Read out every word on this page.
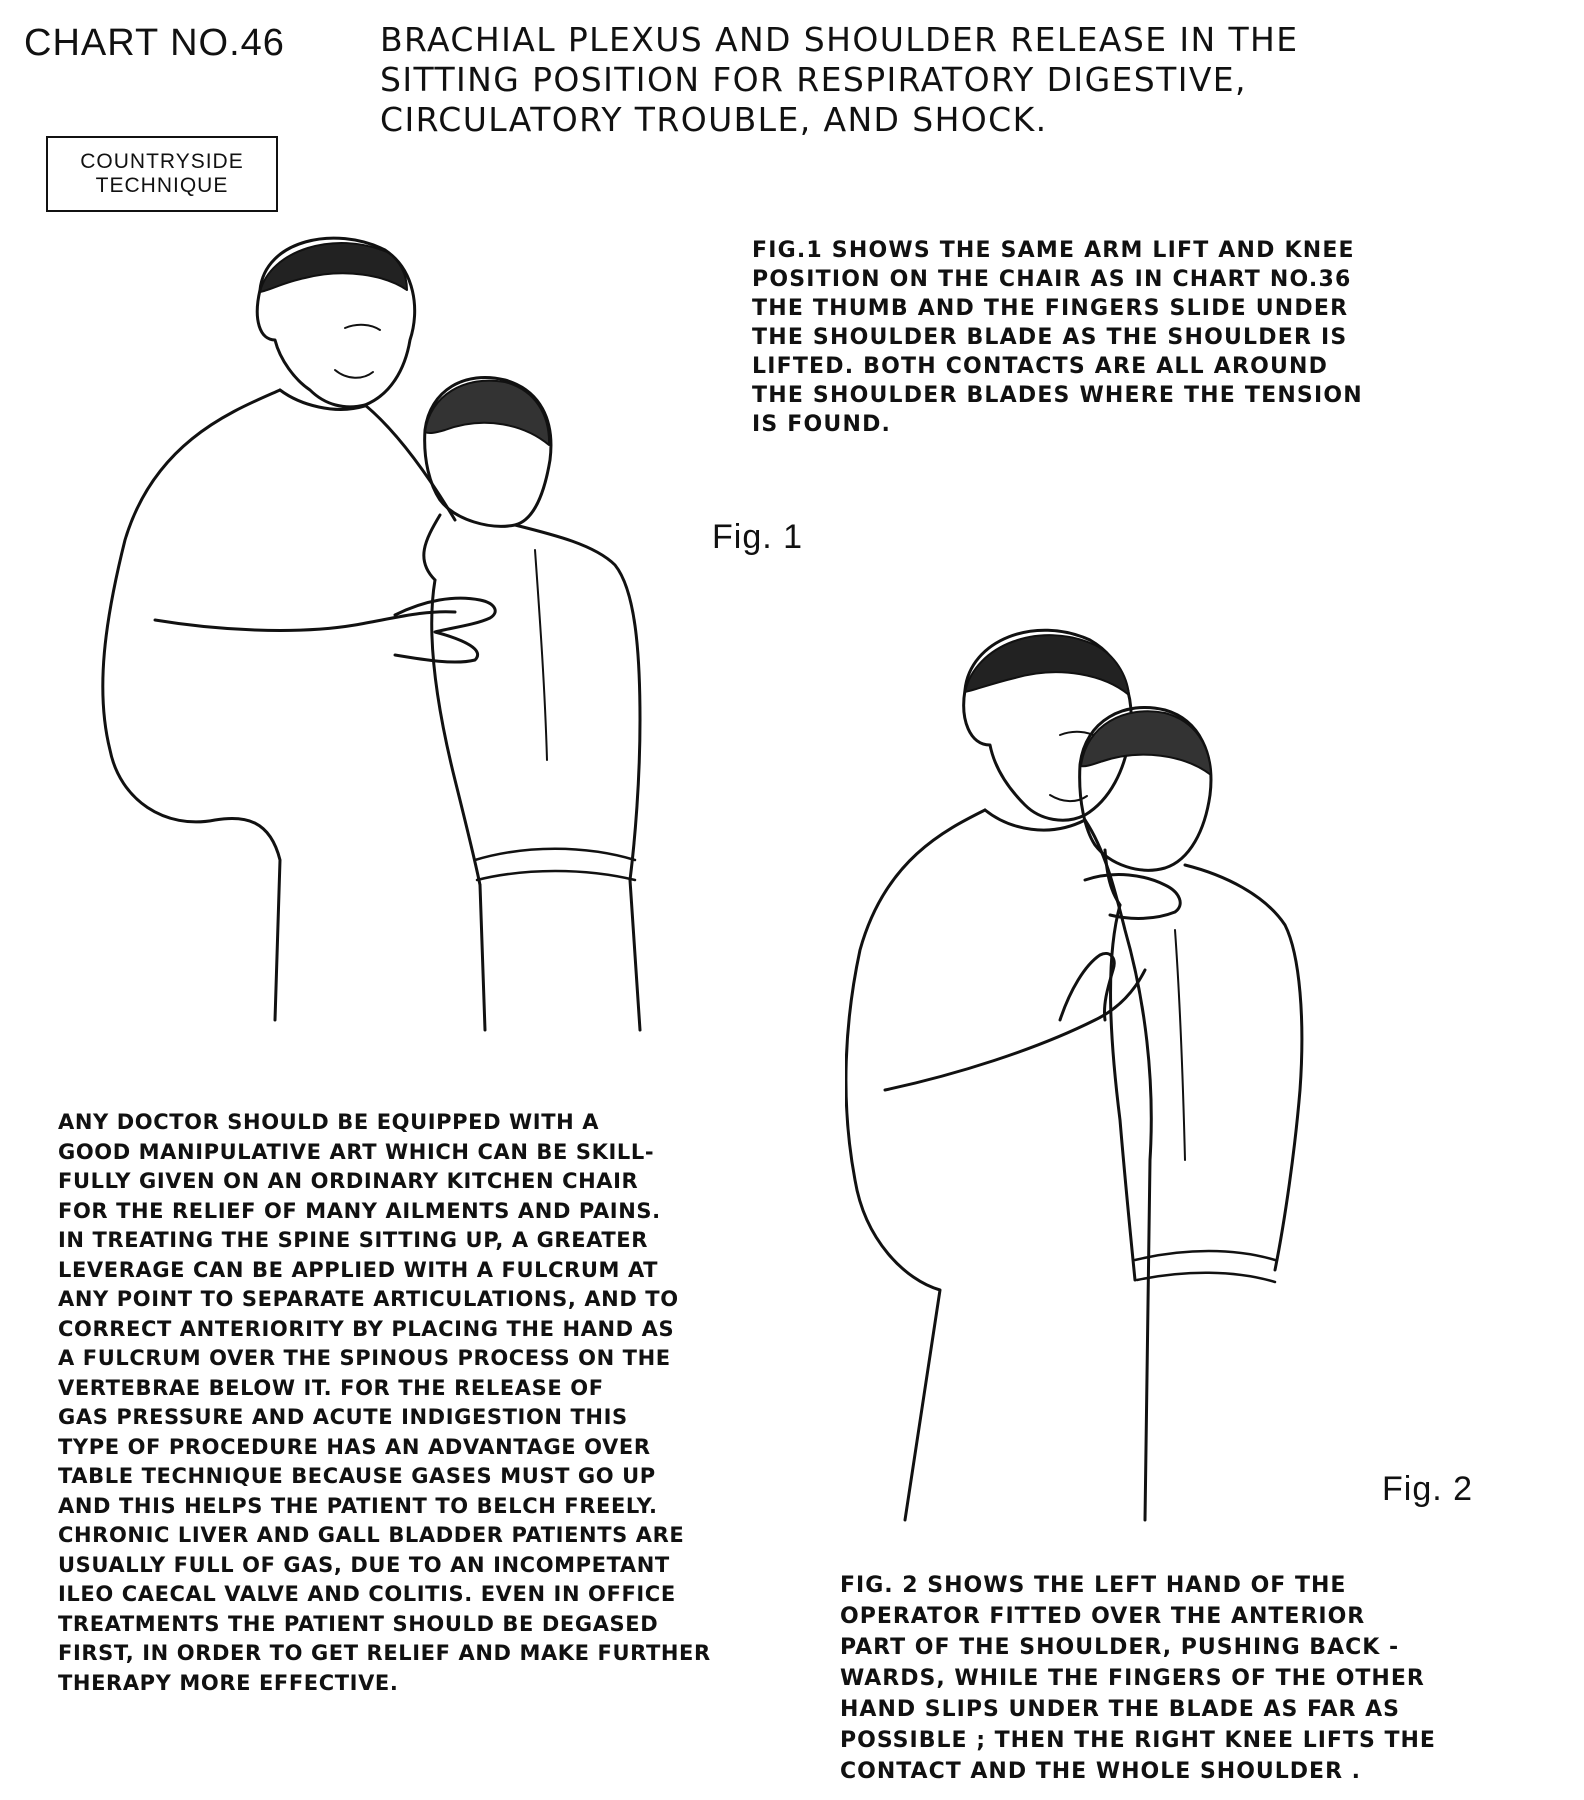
CHART NO.46	BRACHIAL PLEXUS AND SHOULDER RELEASE IN THE
SITTING POSITION FOR RESPIRATORY DIGESTIVE,
CIRCULATORY TROUBLE, AND SHOCK.
COUNTRYSIDE
TECHNIQUE
FIG.1 SHOWS THE SAME ARM LIFT AND KNEE
POSITION ON THE CHAIR AS IN CHART NO.36
THE THUMB AND THE FINGERS SLIDE UNDER
THE SHOULDER BLADE AS THE SHOULDER IS
LIFTED. BOTH CONTACTS ARE ALL AROUND
THE SHOULDER BLADES WHERE THE TENSION
IS FOUND.
Fig. 1
Fig. 2
ANY DOCTOR SHOULD BE EQUIPPED WITH A
GOOD MANIPULATIVE ART WHICH CAN BE SKILL-
FULLY GIVEN ON AN ORDINARY KITCHEN CHAIR
FOR THE RELIEF OF MANY AILMENTS AND PAINS.
IN TREATING THE SPINE SITTING UP, A GREATER
LEVERAGE CAN BE APPLIED WITH A FULCRUM AT
ANY POINT TO SEPARATE ARTICULATIONS, AND TO
CORRECT ANTERIORITY BY PLACING THE HAND AS
A FULCRUM OVER THE SPINOUS PROCESS ON THE
VERTEBRAE BELOW IT. FOR THE RELEASE OF
GAS PRESSURE AND ACUTE INDIGESTION THIS
TYPE OF PROCEDURE HAS AN ADVANTAGE OVER
TABLE TECHNIQUE BECAUSE GASES MUST GO UP
AND THIS HELPS THE PATIENT TO BELCH FREELY.
CHRONIC LIVER AND GALL BLADDER PATIENTS ARE
USUALLY FULL OF GAS, DUE TO AN INCOMPETANT
ILEO CAECAL VALVE AND COLITIS. EVEN IN OFFICE
TREATMENTS THE PATIENT SHOULD BE DEGASED
FIRST, IN ORDER TO GET RELIEF AND MAKE FURTHER
THERAPY MORE EFFECTIVE.
FIG. 2 SHOWS THE LEFT HAND OF THE
OPERATOR FITTED OVER THE ANTERIOR
PART OF THE SHOULDER, PUSHING BACK -
WARDS, WHILE THE FINGERS OF THE OTHER
HAND SLIPS UNDER THE BLADE AS FAR AS
POSSIBLE ; THEN THE RIGHT KNEE LIFTS THE
CONTACT AND THE WHOLE SHOULDER .
